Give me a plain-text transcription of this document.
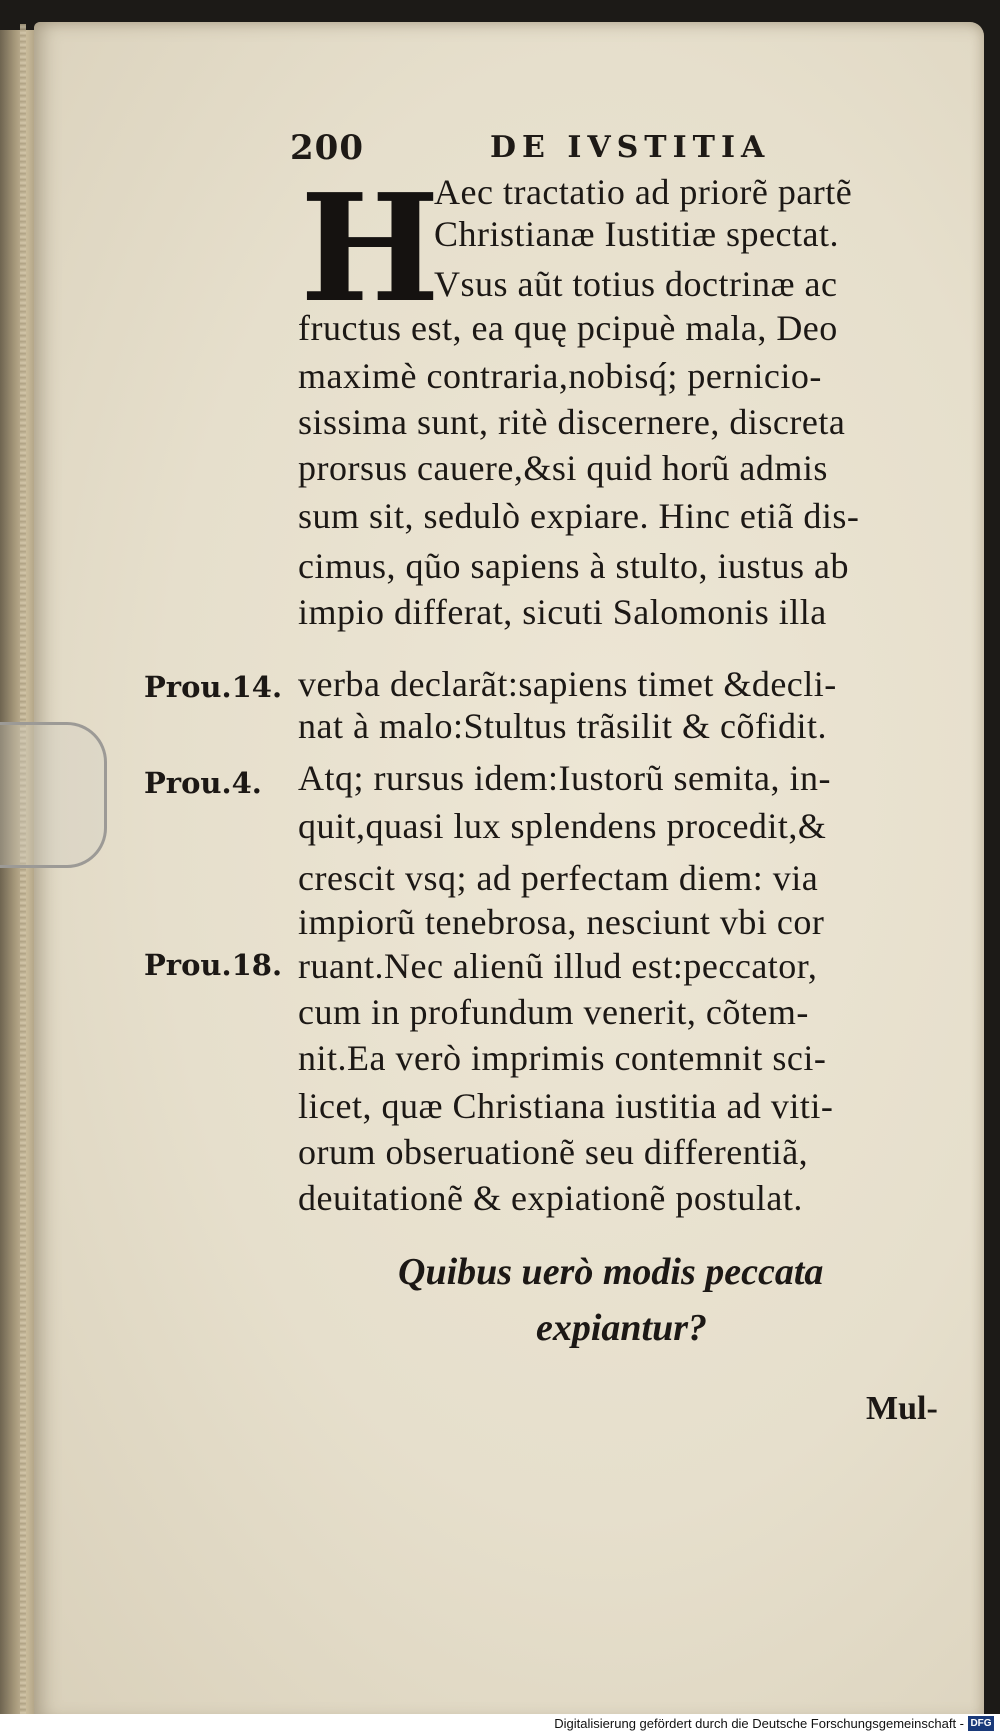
200	DE IVSTITIA
H
Aec tractatio ad priorẽ partẽ
Christianæ Iustitiæ spectat.
Vsus aũt totius doctrinæ ac
fructus est, ea quę pcipuè mala, Deo
maximè contraria,nobisq́; pernicio-
sissima sunt, ritè discernere, discreta
prorsus cauere,&si quid horũ admis
sum sit, sedulò expiare. Hinc etiã dis-
cimus, qũo sapiens à stulto, iustus ab
impio differat, sicuti Salomonis illa
verba declarãt:sapiens timet &decli-
nat à malo:Stultus trãsilit & cõfidit.
Atq; rursus idem:Iustorũ semita, in-
quit,quasi lux splendens procedit,&
crescit vsq; ad perfectam diem: via
impiorũ tenebrosa, nesciunt vbi cor
ruant.Nec alienũ illud est:peccator,
cum in profundum venerit, cõtem-
nit.Ea verò imprimis contemnit sci-
licet, quæ Christiana iustitia ad viti-
orum obseruationẽ seu differentiã,
deuitationẽ & expiationẽ postulat.
Prou.14.
Prou.4.
Prou.18.
Quibus uerò modis peccata
expiantur?
Mul-
Digitalisierung gefördert durch die Deutsche Forschungsgemeinschaft - DFG
